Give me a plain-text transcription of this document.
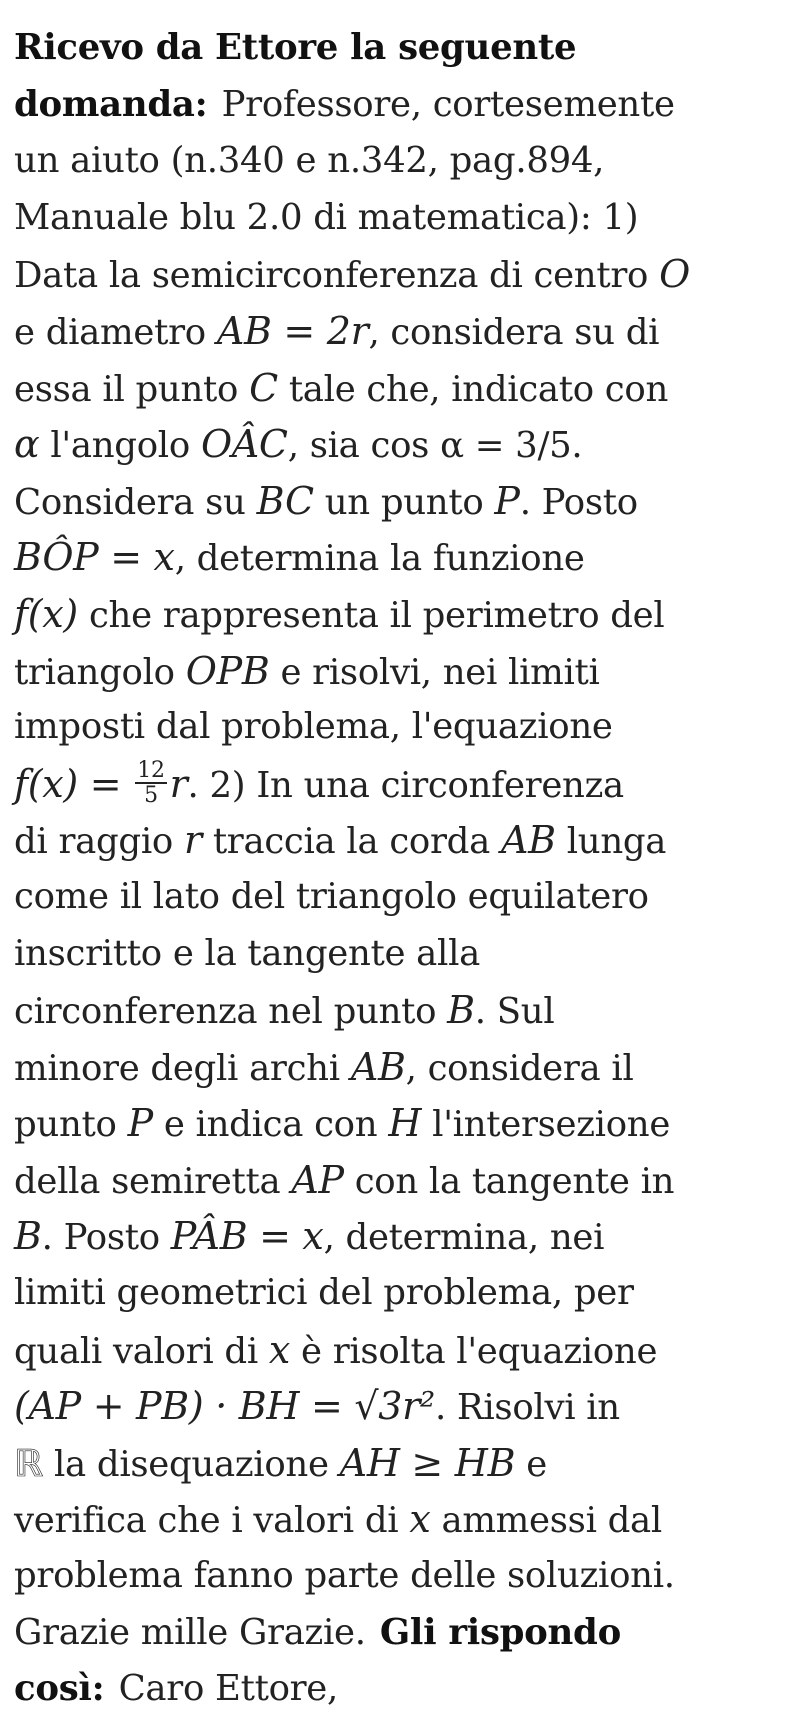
Ricevo da Ettore la seguente
domanda: Professore, cortesemente
un aiuto (n.340 e n.342, pag.894,
Manuale blu 2.0 di matematica): 1)
Data la semicirconferenza di centro O
e diametro AB = 2r, considera su di
essa il punto C tale che, indicato con
α l'angolo OÂC, sia cos α = 3/5.
Considera su BC un punto P. Posto
BÔP = x, determina la funzione
f(x) che rappresenta il perimetro del
triangolo OPB e risolvi, nei limiti
imposti dal problema, l'equazione
$f(x) = \frac{12}{5} r$. 2) In una circonferenza
di raggio r traccia la corda AB lunga
come il lato del triangolo equilatero
inscritto e la tangente alla
circonferenza nel punto B. Sul
minore degli archi AB, considera il
punto P e indica con H l'intersezione
della semiretta AP con la tangente in
B. Posto PÂB = x, determina, nei
limiti geometrici del problema, per
quali valori di x è risolta l'equazione
(AP + PB) · BH = √3r². Risolvi in
ℝ la disequazione AH ≥ HB e
verifica che i valori di x ammessi dal
problema fanno parte delle soluzioni.
Grazie mille Grazie. Gli rispondo
così: Caro Ettore,
